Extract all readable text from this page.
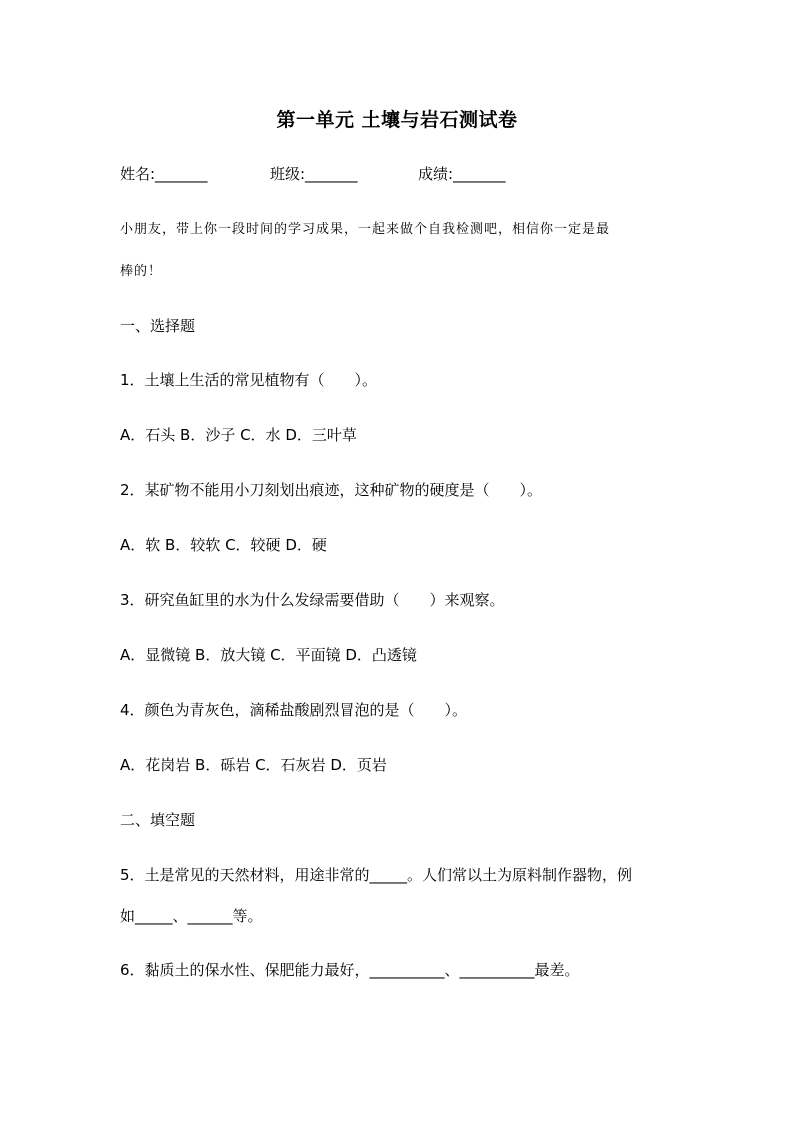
第一单元 土壤与岩石测试卷
姓名:_______	班级:_______	成绩:_______
小朋友，带上你一段时间的学习成果，一起来做个自我检测吧，相信你一定是最
棒的！
一、选择题
1．土壤上生活的常见植物有（　　）。
A．石头 B．沙子 C．水 D．三叶草
2．某矿物不能用小刀刻划出痕迹，这种矿物的硬度是（　　）。
A．软 B．较软 C．较硬 D．硬
3．研究鱼缸里的水为什么发绿需要借助（　　）来观察。
A．显微镜 B．放大镜 C．平面镜 D．凸透镜
4．颜色为青灰色，滴稀盐酸剧烈冒泡的是（　　）。
A．花岗岩 B．砾岩 C．石灰岩 D．页岩
二、填空题
5．土是常见的天然材料，用途非常的_____。人们常以土为原料制作器物，例
如_____、______等。
6．黏质土的保水性、保肥能力最好，__________、__________最差。
